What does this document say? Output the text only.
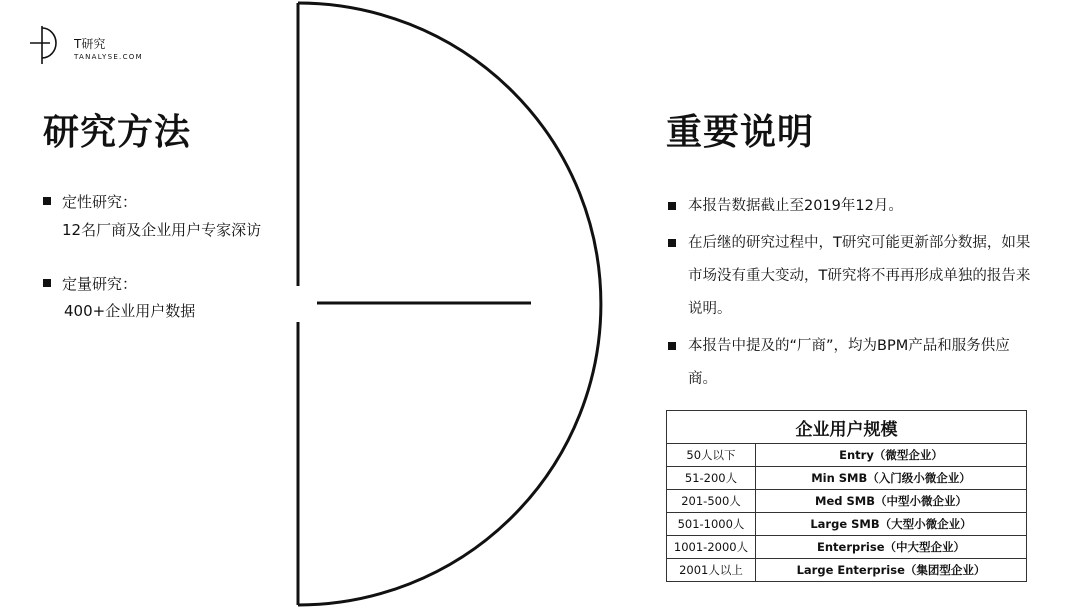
T研究
TANALYSE.COM
研究方法
定性研究：
12名厂商及企业用户专家深访
定量研究：
400+企业用户数据
重要说明

本报告数据截止至2019年12月。

在后继的研究过程中，T研究可能更新部分数据，如果市场没有重大变动，T研究将不再再形成单独的报告来说明。

本报告中提及的“厂商”，均为BPM产品和服务供应商。

企业用户规模	
50人以下	Entry（微型企业）
51-200人	Min SMB（入门级小微企业）
201-500人	Med SMB（中型小微企业）
501-1000人	Large SMB（大型小微企业）
1001-2000人	Enterprise（中大型企业）
2001人以上	Large Enterprise（集团型企业）
